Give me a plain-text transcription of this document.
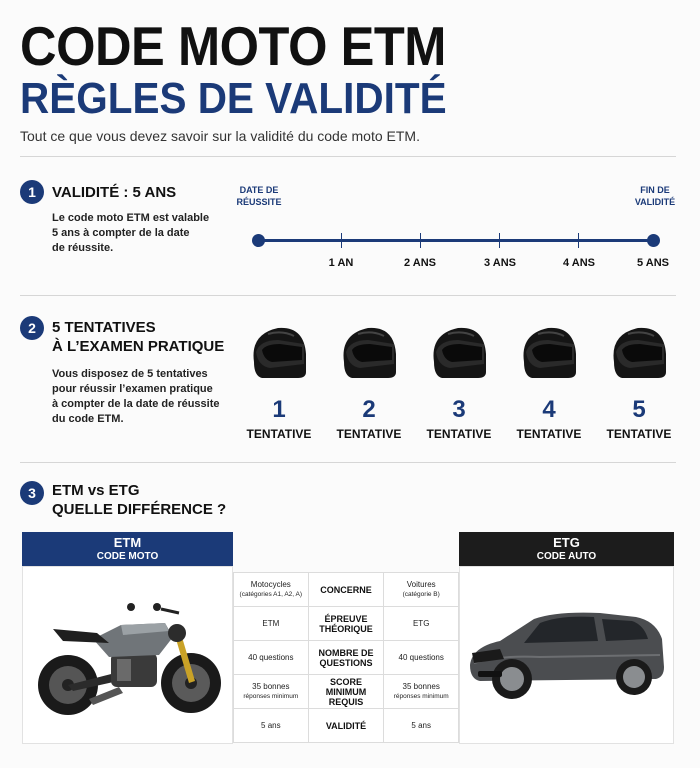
CODE MOTO ETM
RÈGLES DE VALIDITÉ
Tout ce que vous devez savoir sur la validité du code moto ETM.
1	VALIDITÉ : 5 ANS
Le code moto ETM est valable
5 ans à compter de la date
de réussite.
DATE DE
RÉUSSITE
FIN DE
VALIDITÉ
1 AN	2 ANS	3 ANS	4 ANS	5 ANS
2	5 TENTATIVES
À L’EXAMEN PRATIQUE
Vous disposez de 5 tentatives
pour réussir l’examen pratique
à compter de la date de réussite
du code ETM.	1
TENTATIVE
2
TENTATIVE
3
TENTATIVE
4
TENTATIVE
5
TENTATIVE
3	ETM vs ETG
QUELLE DIFFÉRENCE ?
ETM
CODE MOTO
ETG
CODE AUTO
Motocycles
(catégories A1, A2, A)	CONCERNE	Voitures
(catégorie B)

ETM	ÉPREUVE THÉORIQUE	ETG
40 questions	NOMBRE DE QUESTIONS	40 questions
35 bonnes
réponses minimum	SCORE MINIMUM REQUIS	35 bonnes
réponses minimum

5 ans	VALIDITÉ	5 ans
